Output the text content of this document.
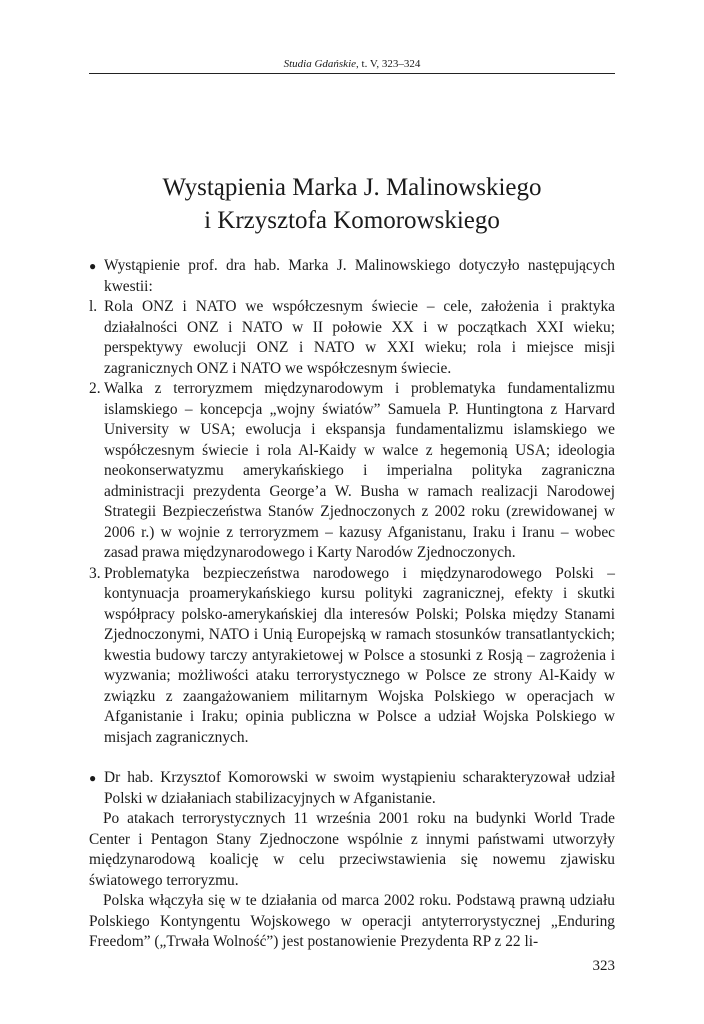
Studia Gdańskie, t. V, 323–324
Wystąpienia Marka J. Malinowskiego
i Krzysztofa Komorowskiego

● Wystąpienie prof. dra hab. Marka J. Malinowskiego dotyczyło następujących kwestii:

l. Rola ONZ i NATO we współczesnym świecie – cele, założenia i praktyka działalności ONZ i NATO w II połowie XX i w początkach XXI wieku; perspektywy ewolucji ONZ i NATO w XXI wieku; rola i miejsce misji zagranicznych ONZ i NATO we współczesnym świecie.

2. Walka z terroryzmem międzynarodowym i problematyka fundamentalizmu islamskiego – koncepcja „wojny światów” Samuela P. Huntingtona z Harvard University w USA; ewolucja i ekspansja fundamentalizmu islamskiego we współczesnym świecie i rola Al-Kaidy w walce z hegemonią USA; ideologia neokonserwatyzmu amerykańskiego i imperialna polityka zagraniczna administracji prezydenta George’a W. Busha w ramach realizacji Narodowej Strategii Bezpieczeństwa Stanów Zjednoczonych z 2002 roku (zrewidowanej w 2006 r.) w wojnie z terroryzmem – kazusy Afganistanu, Iraku i Iranu – wobec zasad prawa międzynarodowego i Karty Narodów Zjednoczonych.

3. Problematyka bezpieczeństwa narodowego i międzynarodowego Polski – kontynuacja proamerykańskiego kursu polityki zagranicznej, efekty i skutki współpracy polsko-amerykańskiej dla interesów Polski; Polska między Stanami Zjednoczonymi, NATO i Unią Europejską w ramach stosunków transatlantyckich; kwestia budowy tarczy antyrakietowej w Polsce a stosunki z Rosją – zagrożenia i wyzwania; możliwości ataku terrorystycznego w Polsce ze strony Al-Kaidy w związku z zaangażowaniem militarnym Wojska Polskiego w operacjach w Afganistanie i Iraku; opinia publiczna w Polsce a udział Wojska Polskiego w misjach zagranicznych.

● Dr hab. Krzysztof Komorowski w swoim wystąpieniu scharakteryzował udział Polski w działaniach stabilizacyjnych w Afganistanie.

Po atakach terrorystycznych 11 września 2001 roku na budynki World Trade Center i Pentagon Stany Zjednoczone wspólnie z innymi państwami utworzyły międzynarodową koalicję w celu przeciwstawienia się nowemu zjawisku światowego terroryzmu.

Polska włączyła się w te działania od marca 2002 roku. Podstawą prawną udziału Polskiego Kontyngentu Wojskowego w operacji antyterrorystycznej „Enduring Freedom” („Trwała Wolność”) jest postanowienie Prezydenta RP z 22 li-

323
